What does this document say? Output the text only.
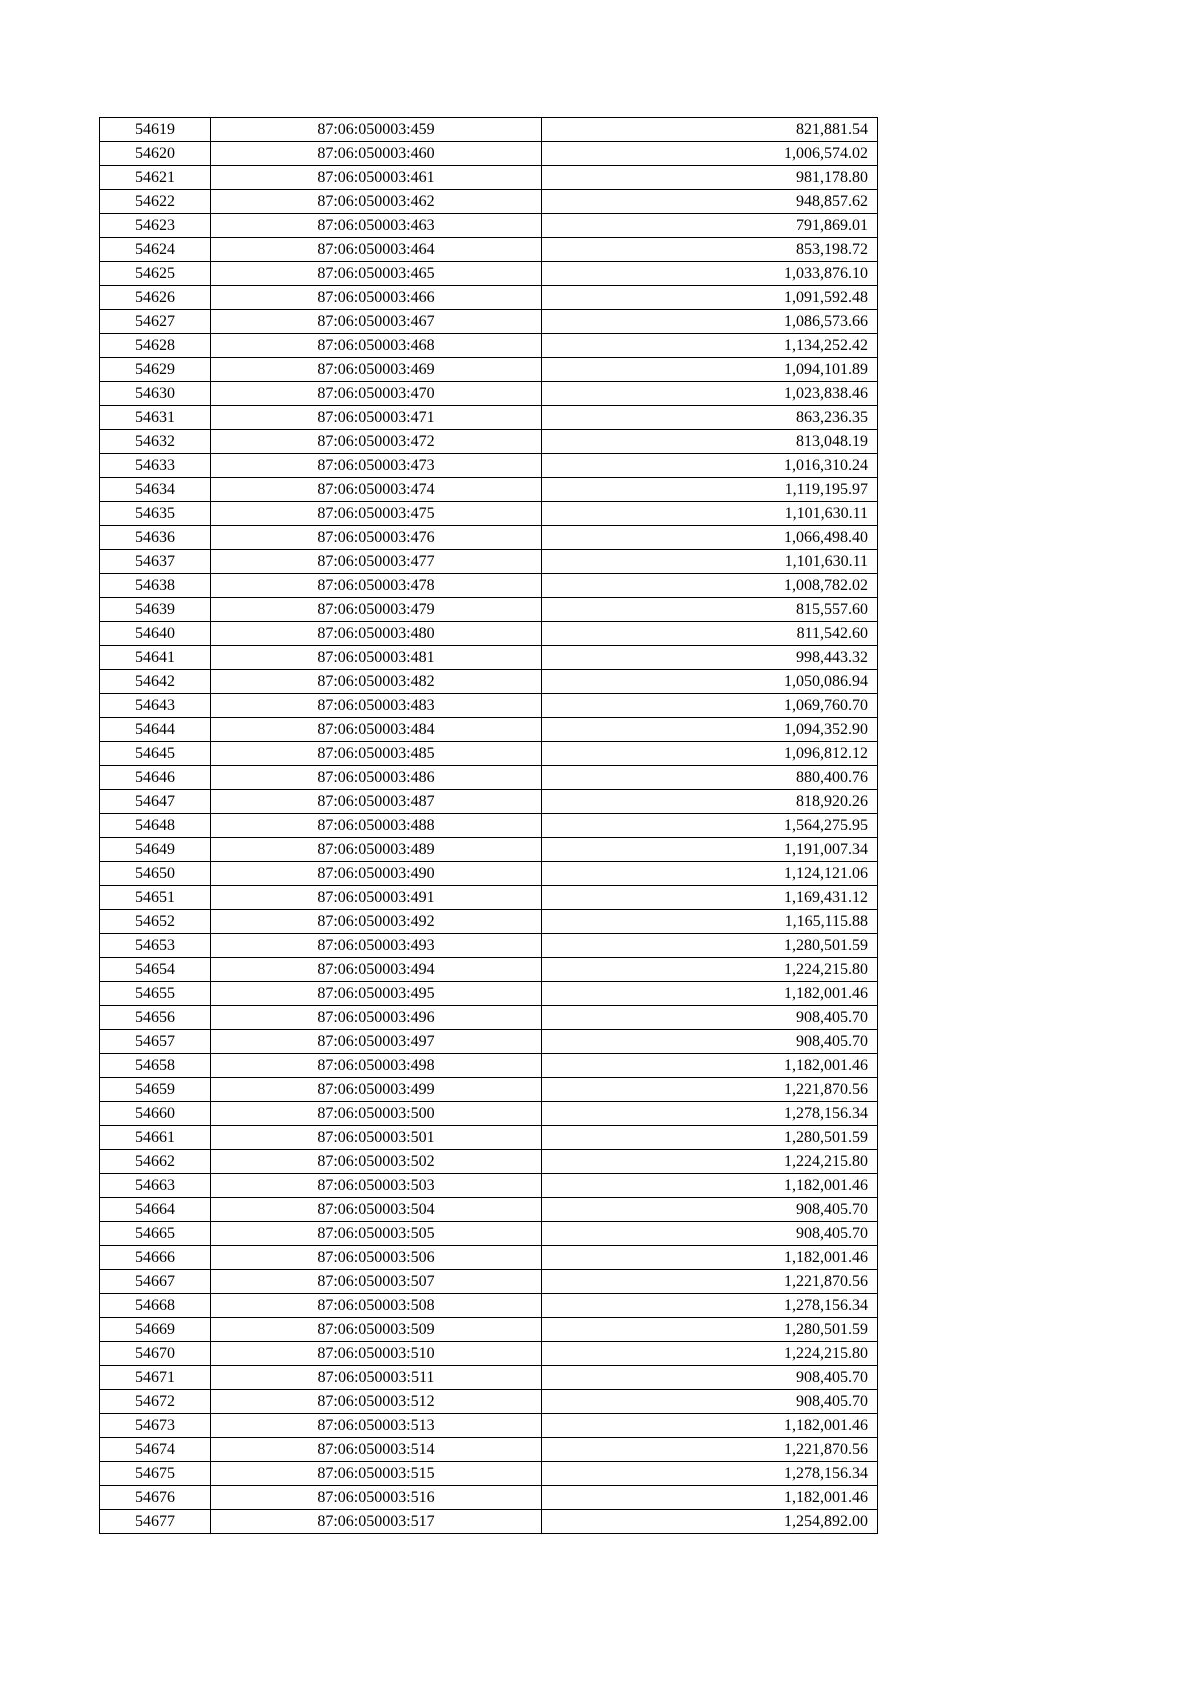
54619	87:06:050003:459	821,881.54
54620	87:06:050003:460	1,006,574.02
54621	87:06:050003:461	981,178.80
54622	87:06:050003:462	948,857.62
54623	87:06:050003:463	791,869.01
54624	87:06:050003:464	853,198.72
54625	87:06:050003:465	1,033,876.10
54626	87:06:050003:466	1,091,592.48
54627	87:06:050003:467	1,086,573.66
54628	87:06:050003:468	1,134,252.42
54629	87:06:050003:469	1,094,101.89
54630	87:06:050003:470	1,023,838.46
54631	87:06:050003:471	863,236.35
54632	87:06:050003:472	813,048.19
54633	87:06:050003:473	1,016,310.24
54634	87:06:050003:474	1,119,195.97
54635	87:06:050003:475	1,101,630.11
54636	87:06:050003:476	1,066,498.40
54637	87:06:050003:477	1,101,630.11
54638	87:06:050003:478	1,008,782.02
54639	87:06:050003:479	815,557.60
54640	87:06:050003:480	811,542.60
54641	87:06:050003:481	998,443.32
54642	87:06:050003:482	1,050,086.94
54643	87:06:050003:483	1,069,760.70
54644	87:06:050003:484	1,094,352.90
54645	87:06:050003:485	1,096,812.12
54646	87:06:050003:486	880,400.76
54647	87:06:050003:487	818,920.26
54648	87:06:050003:488	1,564,275.95
54649	87:06:050003:489	1,191,007.34
54650	87:06:050003:490	1,124,121.06
54651	87:06:050003:491	1,169,431.12
54652	87:06:050003:492	1,165,115.88
54653	87:06:050003:493	1,280,501.59
54654	87:06:050003:494	1,224,215.80
54655	87:06:050003:495	1,182,001.46
54656	87:06:050003:496	908,405.70
54657	87:06:050003:497	908,405.70
54658	87:06:050003:498	1,182,001.46
54659	87:06:050003:499	1,221,870.56
54660	87:06:050003:500	1,278,156.34
54661	87:06:050003:501	1,280,501.59
54662	87:06:050003:502	1,224,215.80
54663	87:06:050003:503	1,182,001.46
54664	87:06:050003:504	908,405.70
54665	87:06:050003:505	908,405.70
54666	87:06:050003:506	1,182,001.46
54667	87:06:050003:507	1,221,870.56
54668	87:06:050003:508	1,278,156.34
54669	87:06:050003:509	1,280,501.59
54670	87:06:050003:510	1,224,215.80
54671	87:06:050003:511	908,405.70
54672	87:06:050003:512	908,405.70
54673	87:06:050003:513	1,182,001.46
54674	87:06:050003:514	1,221,870.56
54675	87:06:050003:515	1,278,156.34
54676	87:06:050003:516	1,182,001.46
54677	87:06:050003:517	1,254,892.00
